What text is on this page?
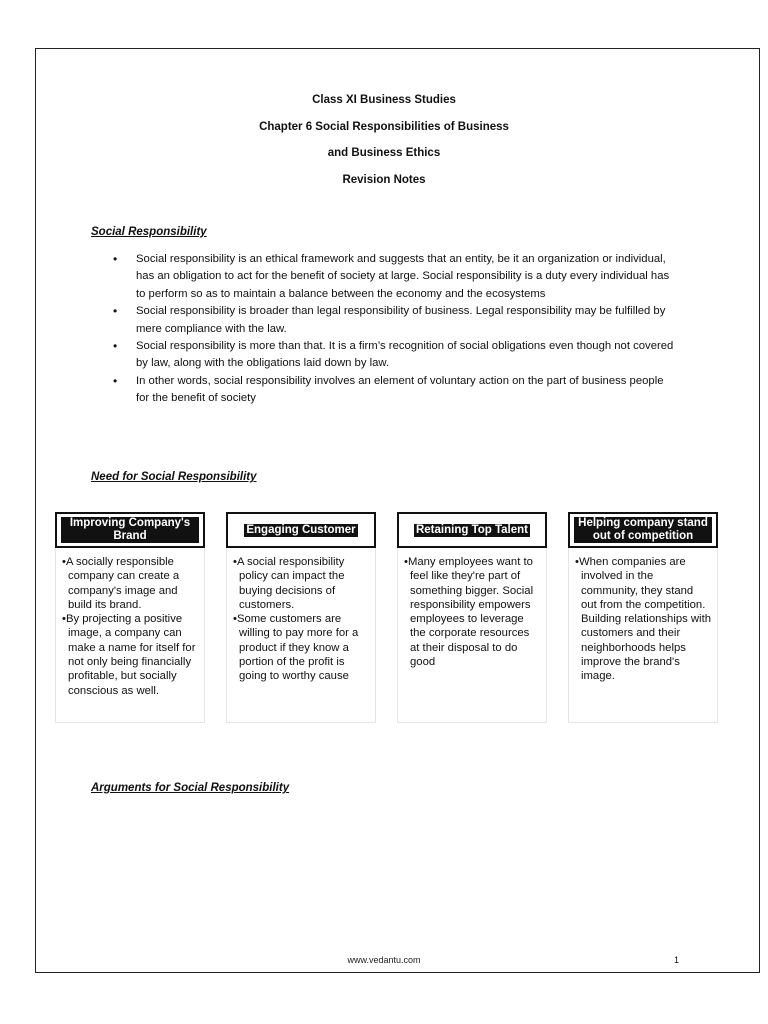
Class XI Business Studies
Chapter 6 Social Responsibilities of Business
and Business Ethics
Revision Notes
Social Responsibility
• Social responsibility is an ethical framework and suggests that an entity, be it an organization or individual, has an obligation to act for the benefit of society at large. Social responsibility is a duty every individual has to perform so as to maintain a balance between the economy and the ecosystems
• Social responsibility is broader than legal responsibility of business. Legal responsibility may be fulfilled by mere compliance with the law.
• Social responsibility is more than that. It is a firm’s recognition of social obligations even though not covered by law, along with the obligations laid down by law.
• In other words, social responsibility involves an element of voluntary action on the part of business people for the benefit of society
Need for Social Responsibility
Improving Company's Brand

•A socially responsible company can create a company's image and build its brand.

•By projecting a positive image, a company can make a name for itself for not only being financially profitable, but socially conscious as well.

Engaging Customer

•A social responsibility policy can impact the buying decisions of customers.

•Some customers are willing to pay more for a product if they know a portion of the profit is going to worthy cause

Retaining Top Talent

•Many employees want to feel like they're part of something bigger. Social responsibility empowers employees to leverage the corporate resources at their disposal to do good

Helping company stand out of competition

•When companies are involved in the community, they stand out from the competition. Building relationships with customers and their neighborhoods helps improve the brand's image.

Arguments for Social Responsibility
www.vedantu.com	1
